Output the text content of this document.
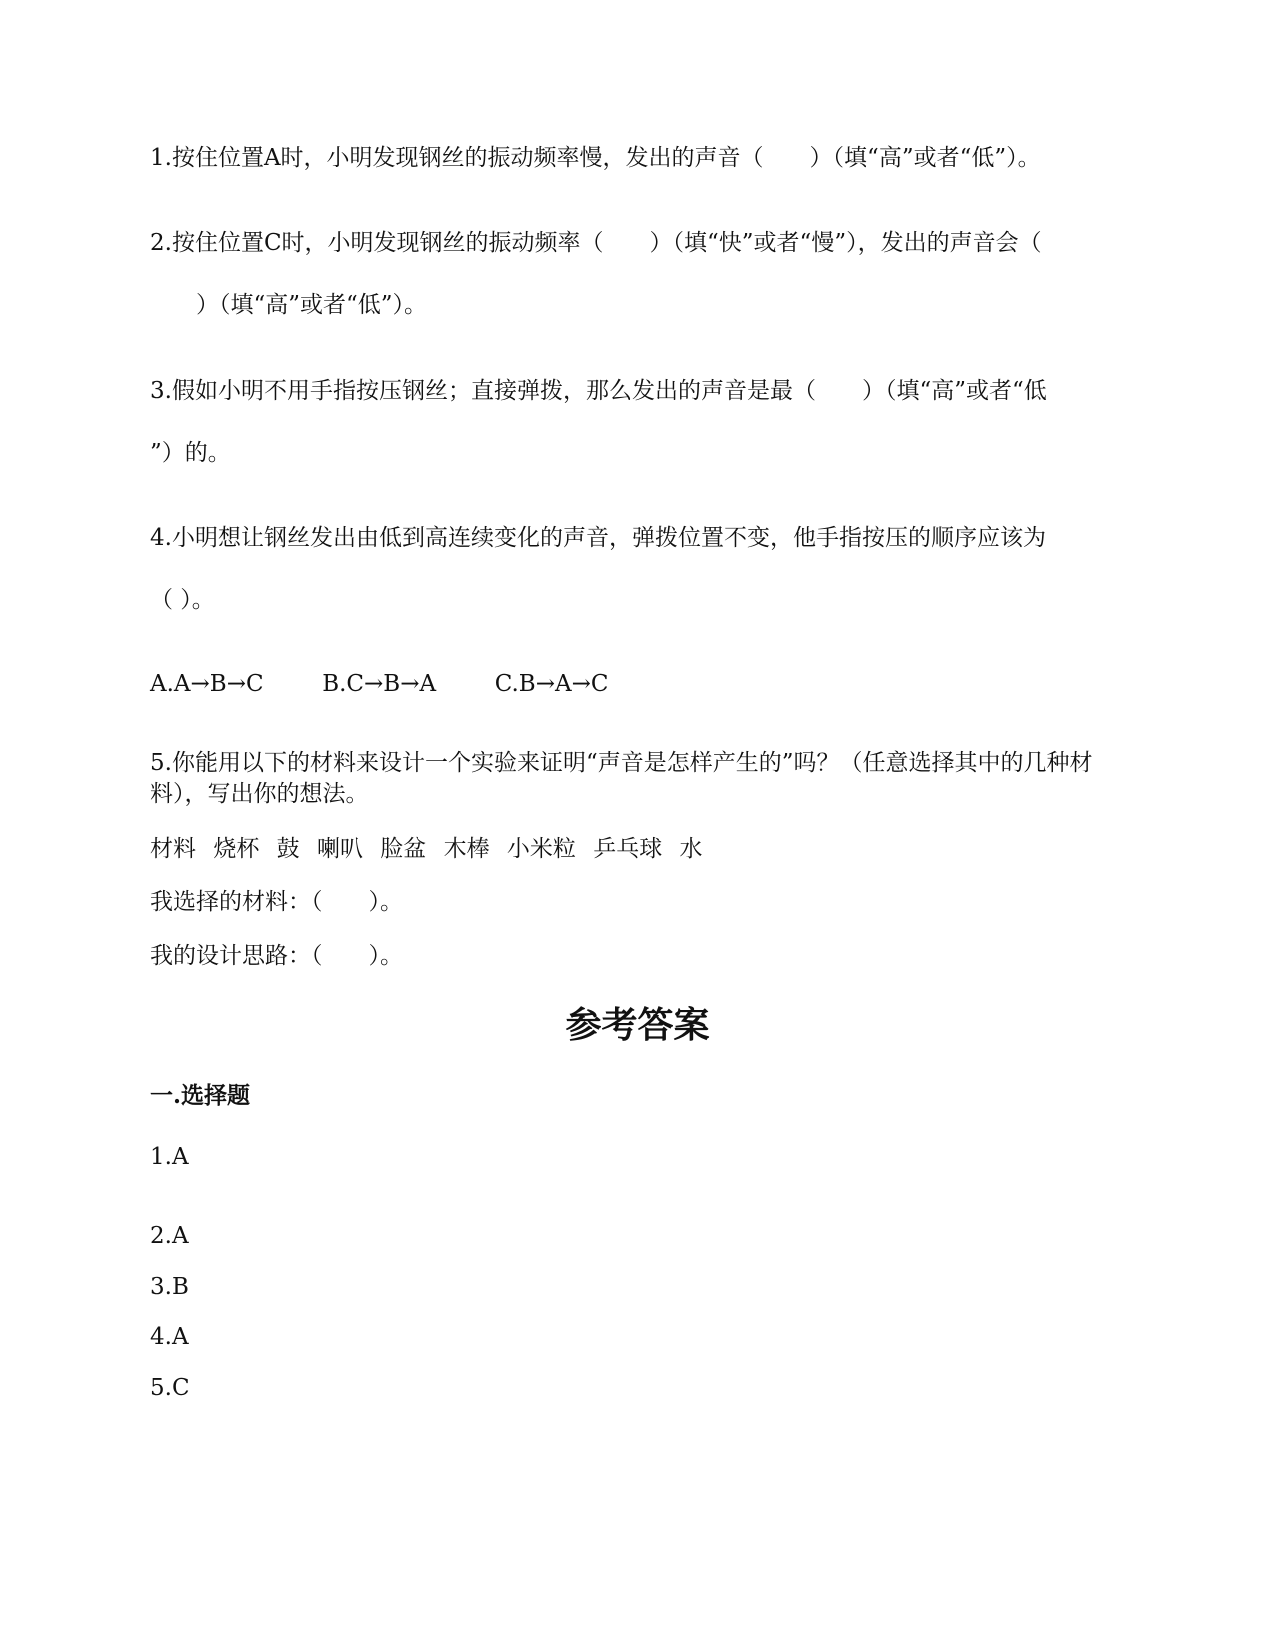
1.按住位置A时，小明发现钢丝的振动频率慢，发出的声音（　　）（填“高”或者“低”）。
2.按住位置C时，小明发现钢丝的振动频率（　　）（填“快”或者“慢”），发出的声音会（
　　）（填“高”或者“低”）。
3.假如小明不用手指按压钢丝；直接弹拨，那么发出的声音是最（　　）（填“高”或者“低
”）的。
4.小明想让钢丝发出由低到高连续变化的声音，弹拨位置不变，他手指按压的顺序应该为
（ ）。
A.A→B→C	B.C→B→A	C.B→A→C
5.你能用以下的材料来设计一个实验来证明“声音是怎样产生的”吗？（任意选择其中的几种材料），写出你的想法。
材料 烧杯 鼓 喇叭 脸盆 木棒 小米粒 乒乓球 水
我选择的材料：（　　）。
我的设计思路：（　　）。
参考答案
一.选择题
1.A
2.A
3.B
4.A
5.C
